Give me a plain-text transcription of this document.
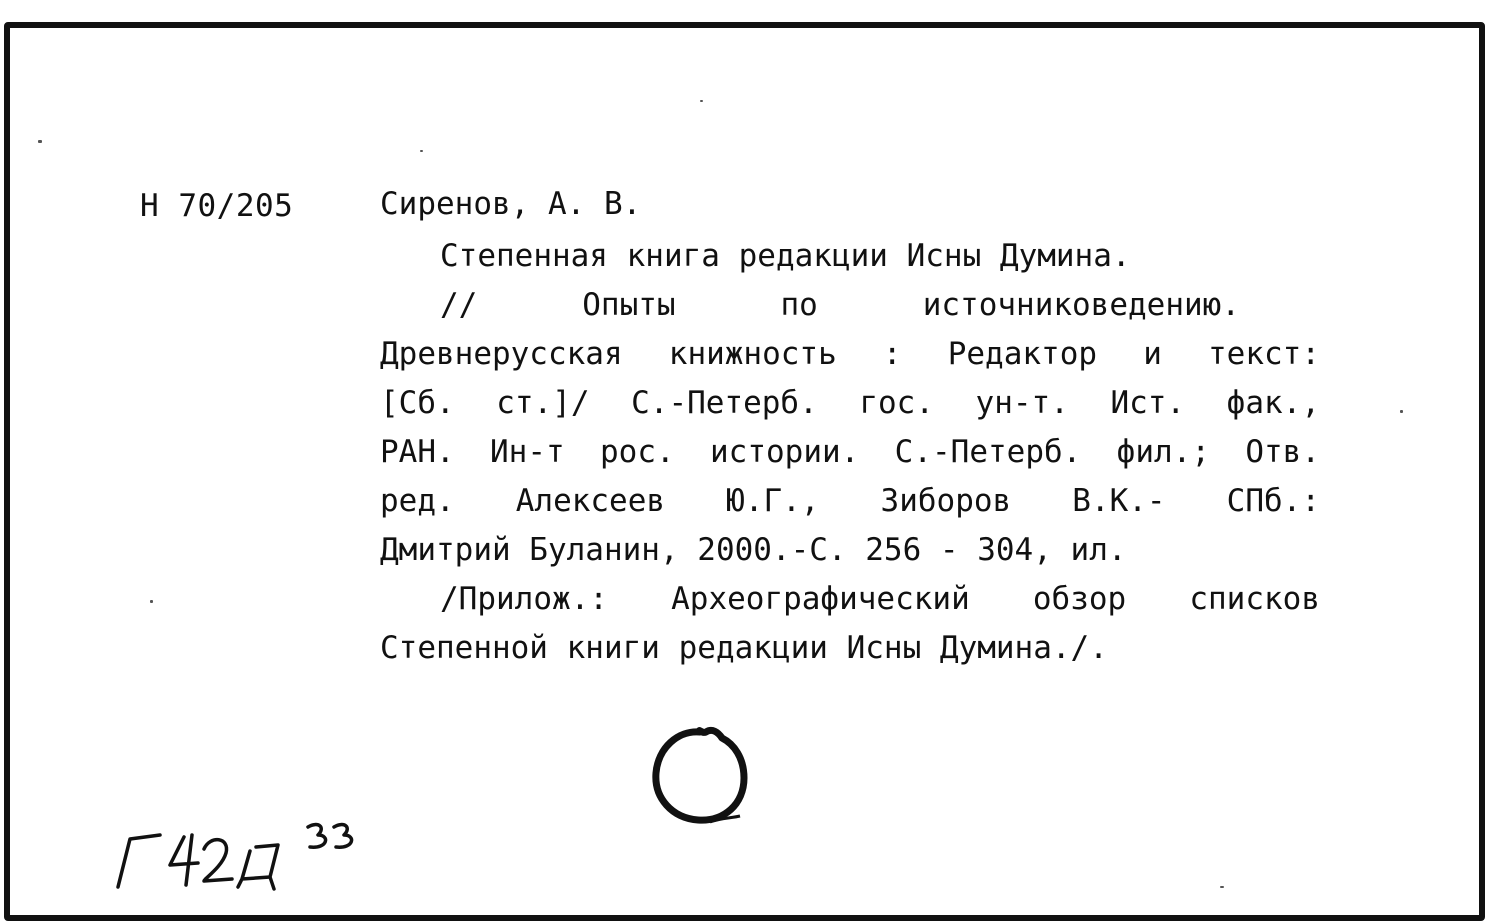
Н 70/205	Сиренов, А. В.
Степенная книга редакции Исны Думина.
// Опыты по источниковедению.
Древнерусская книжность : Редактор и текст:
[Сб. ст.]/ С.-Петерб. гос. ун-т. Ист. фак.,
РАН. Ин-т рос. истории. С.-Петерб. фил.; Отв.
ред. Алексеев Ю.Г., Зиборов В.К.- СПб.:
Дмитрий Буланин, 2000.-С. 256 - 304, ил.
/Прилож.: Археографический обзор списков
Степенной книги редакции Исны Думина./.
